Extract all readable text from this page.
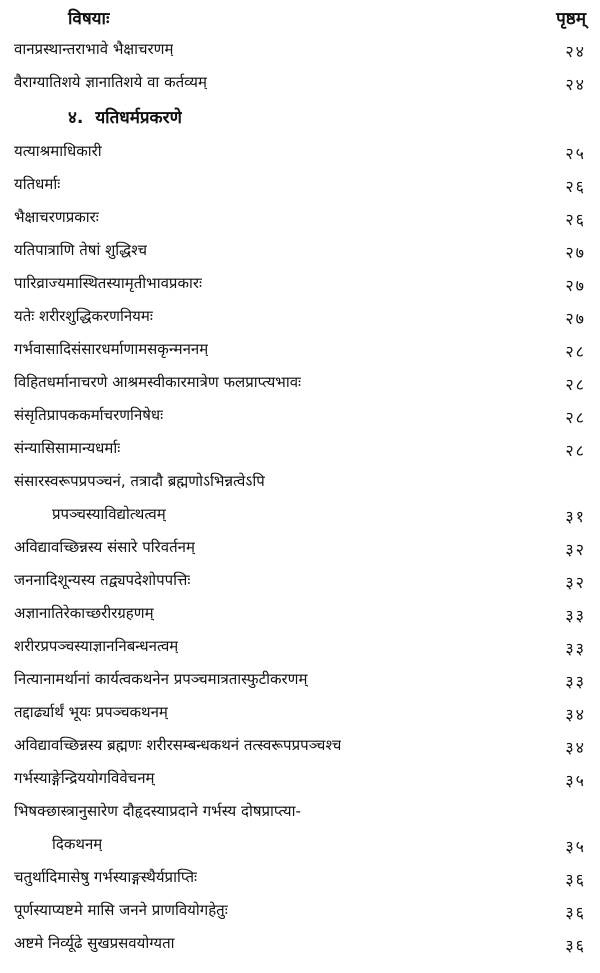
विषयाः	पृष्ठम्
वानप्रस्थान्तराभावे भैक्षाचरणम्	२४
वैराग्यातिशये ज्ञानातिशये वा कर्तव्यम्	२४
४. यतिधर्मप्रकरणे
यत्याश्रमाधिकारी	२५
यतिधर्माः	२६
भैक्षाचरणप्रकारः	२६
यतिपात्राणि तेषां शुद्धिश्च	२७
पारिव्राज्यमास्थितस्यामृतीभावप्रकारः	२७
यतेः शरीरशुद्धिकरणनियमः	२७
गर्भवासादिसंसारधर्माणामसकृन्मननम्	२८
विहितधर्मानाचरणे आश्रमस्वीकारमात्रेण फलप्राप्त्यभावः	२८
संसृतिप्रापककर्माचरणनिषेधः	२८
संन्यासिसामान्यधर्माः	२८
संसारस्वरूपप्रपञ्चनं, तत्रादौ ब्रह्मणोऽभिन्नत्वेऽपि
प्रपञ्चस्याविद्योत्थत्वम्	३१
अविद्यावच्छिन्नस्य संसारे परिवर्तनम्	३२
जननादिशून्यस्य तद्व्यपदेशोपपत्तिः	३२
अज्ञानातिरेकाच्छरीरग्रहणम्	३३
शरीरप्रपञ्चस्याज्ञाननिबन्धनत्वम्	३३
नित्यानामर्थानां कार्यत्वकथनेन प्रपञ्चमात्रतास्फुटीकरणम्	३३
तद्दार्ढ्यार्थं भूयः प्रपञ्चकथनम्	३४
अविद्यावच्छिन्नस्य ब्रह्मणः शरीरसम्बन्धकथनं तत्स्वरूपप्रपञ्चश्च	३४
गर्भस्याङ्गेन्द्रिययोगविवेचनम्	३५
भिषक्छास्त्रानुसारेण दौहृदस्याप्रदाने गर्भस्य दोषप्राप्त्या-
दिकथनम्	३५
चतुर्थादिमासेषु गर्भस्याङ्गस्थैर्यप्राप्तिः	३६
पूर्णस्याप्यष्टमे मासि जनने प्राणवियोगहेतुः	३६
अष्टमे निर्व्यूढे सुखप्रसवयोग्यता	३६
